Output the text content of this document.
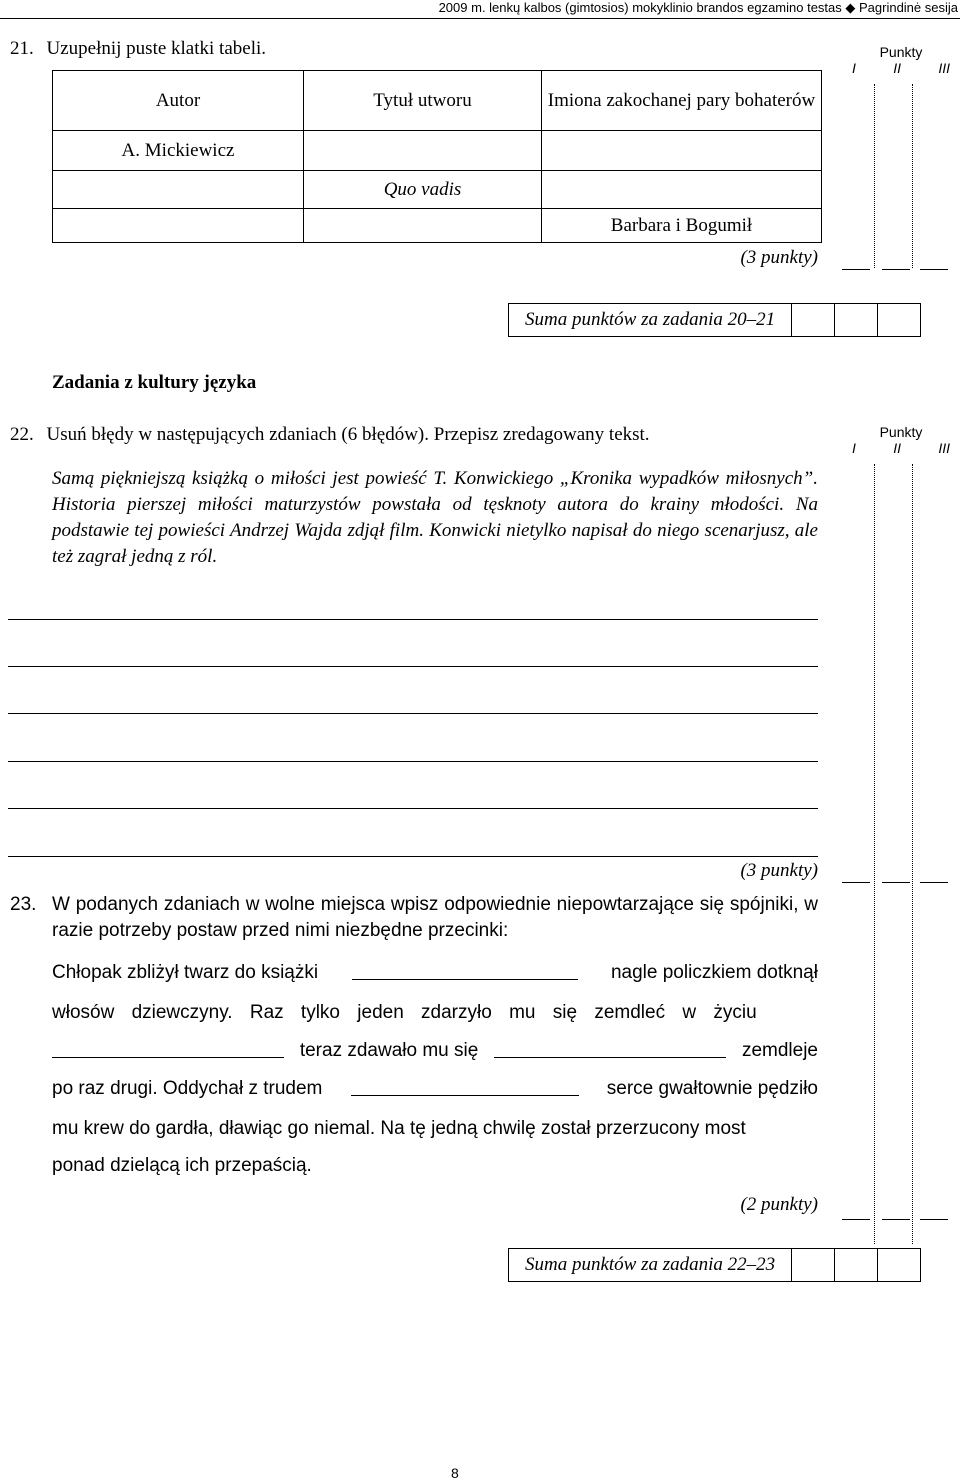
2009 m. lenkų kalbos (gimtosios) mokyklinio brandos egzamino testas ◆ Pagrindinė sesija
21. Uzupełnij puste klatki tabeli.	Punkty
I	II	III
Autor	Tytuł utworu	Imiona zakochanej pary bohaterów
A. Mickiewicz		
	Quo vadis	
		Barbara i Bogumił
(3 punkty)
Suma punktów za zadania 20–21
Zadania z kultury języka
22. Usuń błędy w następujących zdaniach (6 błędów). Przepisz zredagowany tekst.	Punkty
I	II	III
Samą piękniejszą książką o miłości jest powieść T. Konwickiego „Kronika wypadków miłosnych”. Historia pierszej miłości maturzystów powstała od tęsknoty autora do krainy młodości. Na podstawie tej powieści Andrzej Wajda zdjął film. Konwicki nietylko napisał do niego scenarjusz, ale też zagrał jedną z ról.
(3 punkty)
23. W podanych zdaniach w wolne miejsca wpisz odpowiednie niepowtarzające się spójniki, w razie potrzeby postaw przed nimi niezbędne przecinki:
Chłopak zbliżył twarz do książki	nagle policzkiem dotknął
włosów dziewczyny. Raz tylko jeden zdarzyło mu się zemdleć w życiu
teraz zdawało mu się	zemdleje
po raz drugi. Oddychał z trudem	serce gwałtownie pędziło
mu krew do gardła, dławiąc go niemal. Na tę jedną chwilę został przerzucony most
ponad dzielącą ich przepaścią.
(2 punkty)
Suma punktów za zadania 22–23
8
